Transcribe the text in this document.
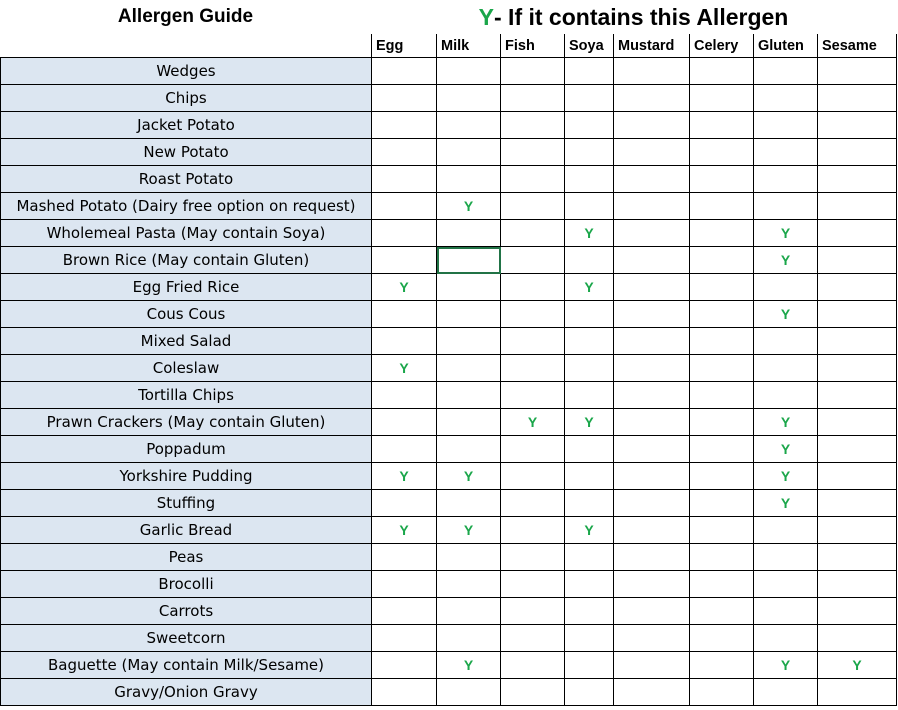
Allergen Guide	Y - If it contains this Allergen
	Egg	Milk	Fish	Soya	Mustard	Celery	Gluten	Sesame
Wedges								
Chips								
Jacket Potato								
New Potato								
Roast Potato								
Mashed Potato (Dairy free option on request)		Y						
Wholemeal Pasta (May contain Soya)				Y			Y	
Brown Rice (May contain Gluten)							Y	
Egg Fried Rice	Y			Y				
Cous Cous							Y	
Mixed Salad								
Coleslaw	Y							
Tortilla Chips								
Prawn Crackers (May contain Gluten)			Y	Y			Y	
Poppadum							Y	
Yorkshire Pudding	Y	Y					Y	
Stuffing							Y	
Garlic Bread	Y	Y		Y				
Peas								
Brocolli								
Carrots								
Sweetcorn								
Baguette (May contain Milk/Sesame)		Y					Y	Y
Gravy/Onion Gravy								
